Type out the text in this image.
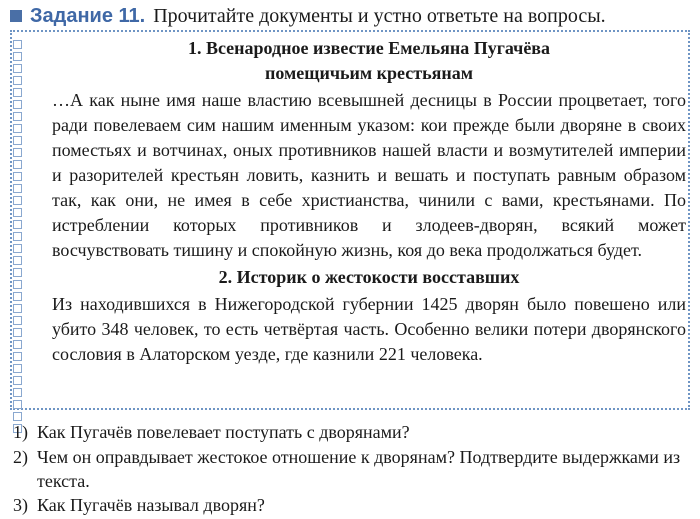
Задание 11. Прочитайте документы и устно ответьте на вопросы.
1. Всенародное известие Емельяна Пугачёва
помещичьим крестьянам

…А как ныне имя наше властию всевышней десницы в России процветает, того ради повелеваем сим нашим именным указом: кои прежде были дворяне в своих поместьях и вотчинах, оных противников нашей власти и возмутителей империи и разорителей крестьян ловить, казнить и вешать и поступать равным образом так, как они, не имея в себе христианства, чинили с вами, крестьянами. По истреблении которых противников и злодеев-дворян, всякий может восчувствовать тишину и спокойную жизнь, коя до века продолжаться будет.

2. Историк о жестокости восставших

Из находившихся в Нижегородской губернии 1425 дворян было повешено или убито 348 человек, то есть четвёртая часть. Особенно велики потери дворянского сословия в Алаторском уезде, где казнили 221 человека.

1) Как Пугачёв повелевает поступать с дворянами?
2) Чем он оправдывает жестокое отношение к дворянам? Подтвердите выдержками из текста.
3) Как Пугачёв называл дворян?
